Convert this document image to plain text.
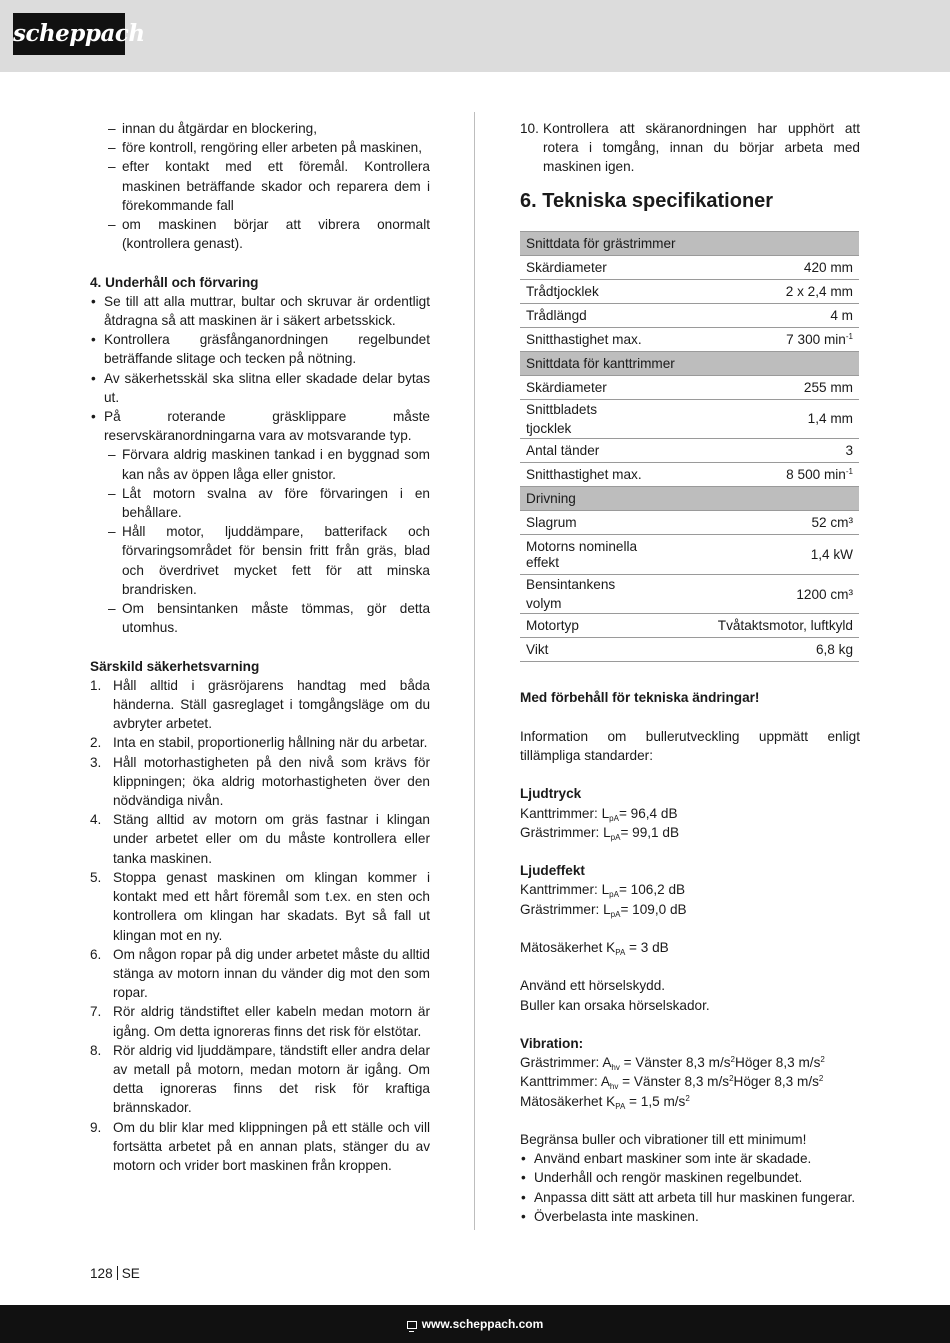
scheppach
– innan du åtgärdar en blockering,
– före kontroll, rengöring eller arbeten på maskinen,
– efter kontakt med ett föremål. Kontrollera maskinen beträffande skador och reparera dem i förekommande fall
– om maskinen börjar att vibrera onormalt (kontrollera genast).
4. Underhåll och förvaring
• Se till att alla muttrar, bultar och skruvar är ordentligt åtdragna så att maskinen är i säkert arbetsskick.
• Kontrollera gräsfånganordningen regelbundet beträffande slitage och tecken på nötning.
• Av säkerhetsskäl ska slitna eller skadade delar bytas ut.
• På roterande gräsklippare måste reservskäranordningarna vara av motsvarande typ.
– Förvara aldrig maskinen tankad i en byggnad som kan nås av öppen låga eller gnistor.
– Låt motorn svalna av före förvaringen i en behållare.
– Håll motor, ljuddämpare, batterifack och förvaringsområdet för bensin fritt från gräs, blad och överdrivet mycket fett för att minska brandrisken.
– Om bensintanken måste tömmas, gör detta utomhus.
Särskild säkerhetsvarning
1. Håll alltid i gräsröjarens handtag med båda händerna. Ställ gasreglaget i tomgångsläge om du avbryter arbetet.
2. Inta en stabil, proportionerlig hållning när du arbetar.
3. Håll motorhastigheten på den nivå som krävs för klippningen; öka aldrig motorhastigheten över den nödvändiga nivån.
4. Stäng alltid av motorn om gräs fastnar i klingan under arbetet eller om du måste kontrollera eller tanka maskinen.
5. Stoppa genast maskinen om klingan kommer i kontakt med ett hårt föremål som t.ex. en sten och kontrollera om klingan har skadats. Byt så fall ut klingan mot en ny.
6. Om någon ropar på dig under arbetet måste du alltid stänga av motorn innan du vänder dig mot den som ropar.
7. Rör aldrig tändstiftet eller kabeln medan motorn är igång. Om detta ignoreras finns det risk för elstötar.
8. Rör aldrig vid ljuddämpare, tändstift eller andra delar av metall på motorn, medan motorn är igång. Om detta ignoreras finns det risk för kraftiga brännskador.
9. Om du blir klar med klippningen på ett ställe och vill fortsätta arbetet på en annan plats, stänger du av motorn och vrider bort maskinen från kroppen.
10. Kontrollera att skäranordningen har upphört att rotera i tomgång, innan du börjar arbeta med maskinen igen.
6. Tekniska specifikationer
Snittdata för grästrimmer	
Skärdiameter	420 mm
Trådtjocklek	2 x 2,4 mm
Trådlängd	4 m
Snitthastighet max.	7 300 $\min^{-1}$
Snittdata för kanttrimmer	
Skärdiameter	255 mm
Snittbladets tjocklek	1,4 mm
Antal tänder	3
Snitthastighet max.	8 500 $\min^{-1}$
Drivning	
Slagrum	52 cm³
Motorns nominella effekt	1,4 kW
Bensintankens volym	1200 cm³
Motortyp	Tvåtaktsmotor, luftkyld
Vikt	6,8 kg
Med förbehåll för tekniska ändringar!

Information om bullerutveckling uppmätt enligt tillämpliga standarder:

Ljudtryck
Kanttrimmer: $L_{pA}= 96,4$ dB
Grästrimmer: $L_{pA}= 99,1$ dB
Ljudeffekt
Kanttrimmer: $L_{pA}= 106,2$ dB
Grästrimmer: $L_{pA}= 109,0$ dB
Mätosäkerhet $K_{PA} = 3$ dB
Använd ett hörselskydd.
Buller kan orsaka hörselskador.
Vibration:
Grästrimmer: $A_{hv}$ = Vänster 8,3 $m/s^2Höger$ 8,3 $m/s^2$
Kanttrimmer: $A_{hv}$ = Vänster 8,3 $m/s^2Höger$ 8,3 $m/s^2$
Mätosäkerhet $K_{PA} = 1,5$ $m/s^2$
Begränsa buller och vibrationer till ett minimum!
• Använd enbart maskiner som inte är skadade.
• Underhåll och rengör maskinen regelbundet.
• Anpassa ditt sätt att arbeta till hur maskinen fungerar.
• Överbelasta inte maskinen.
128 SE
www.scheppach.com
